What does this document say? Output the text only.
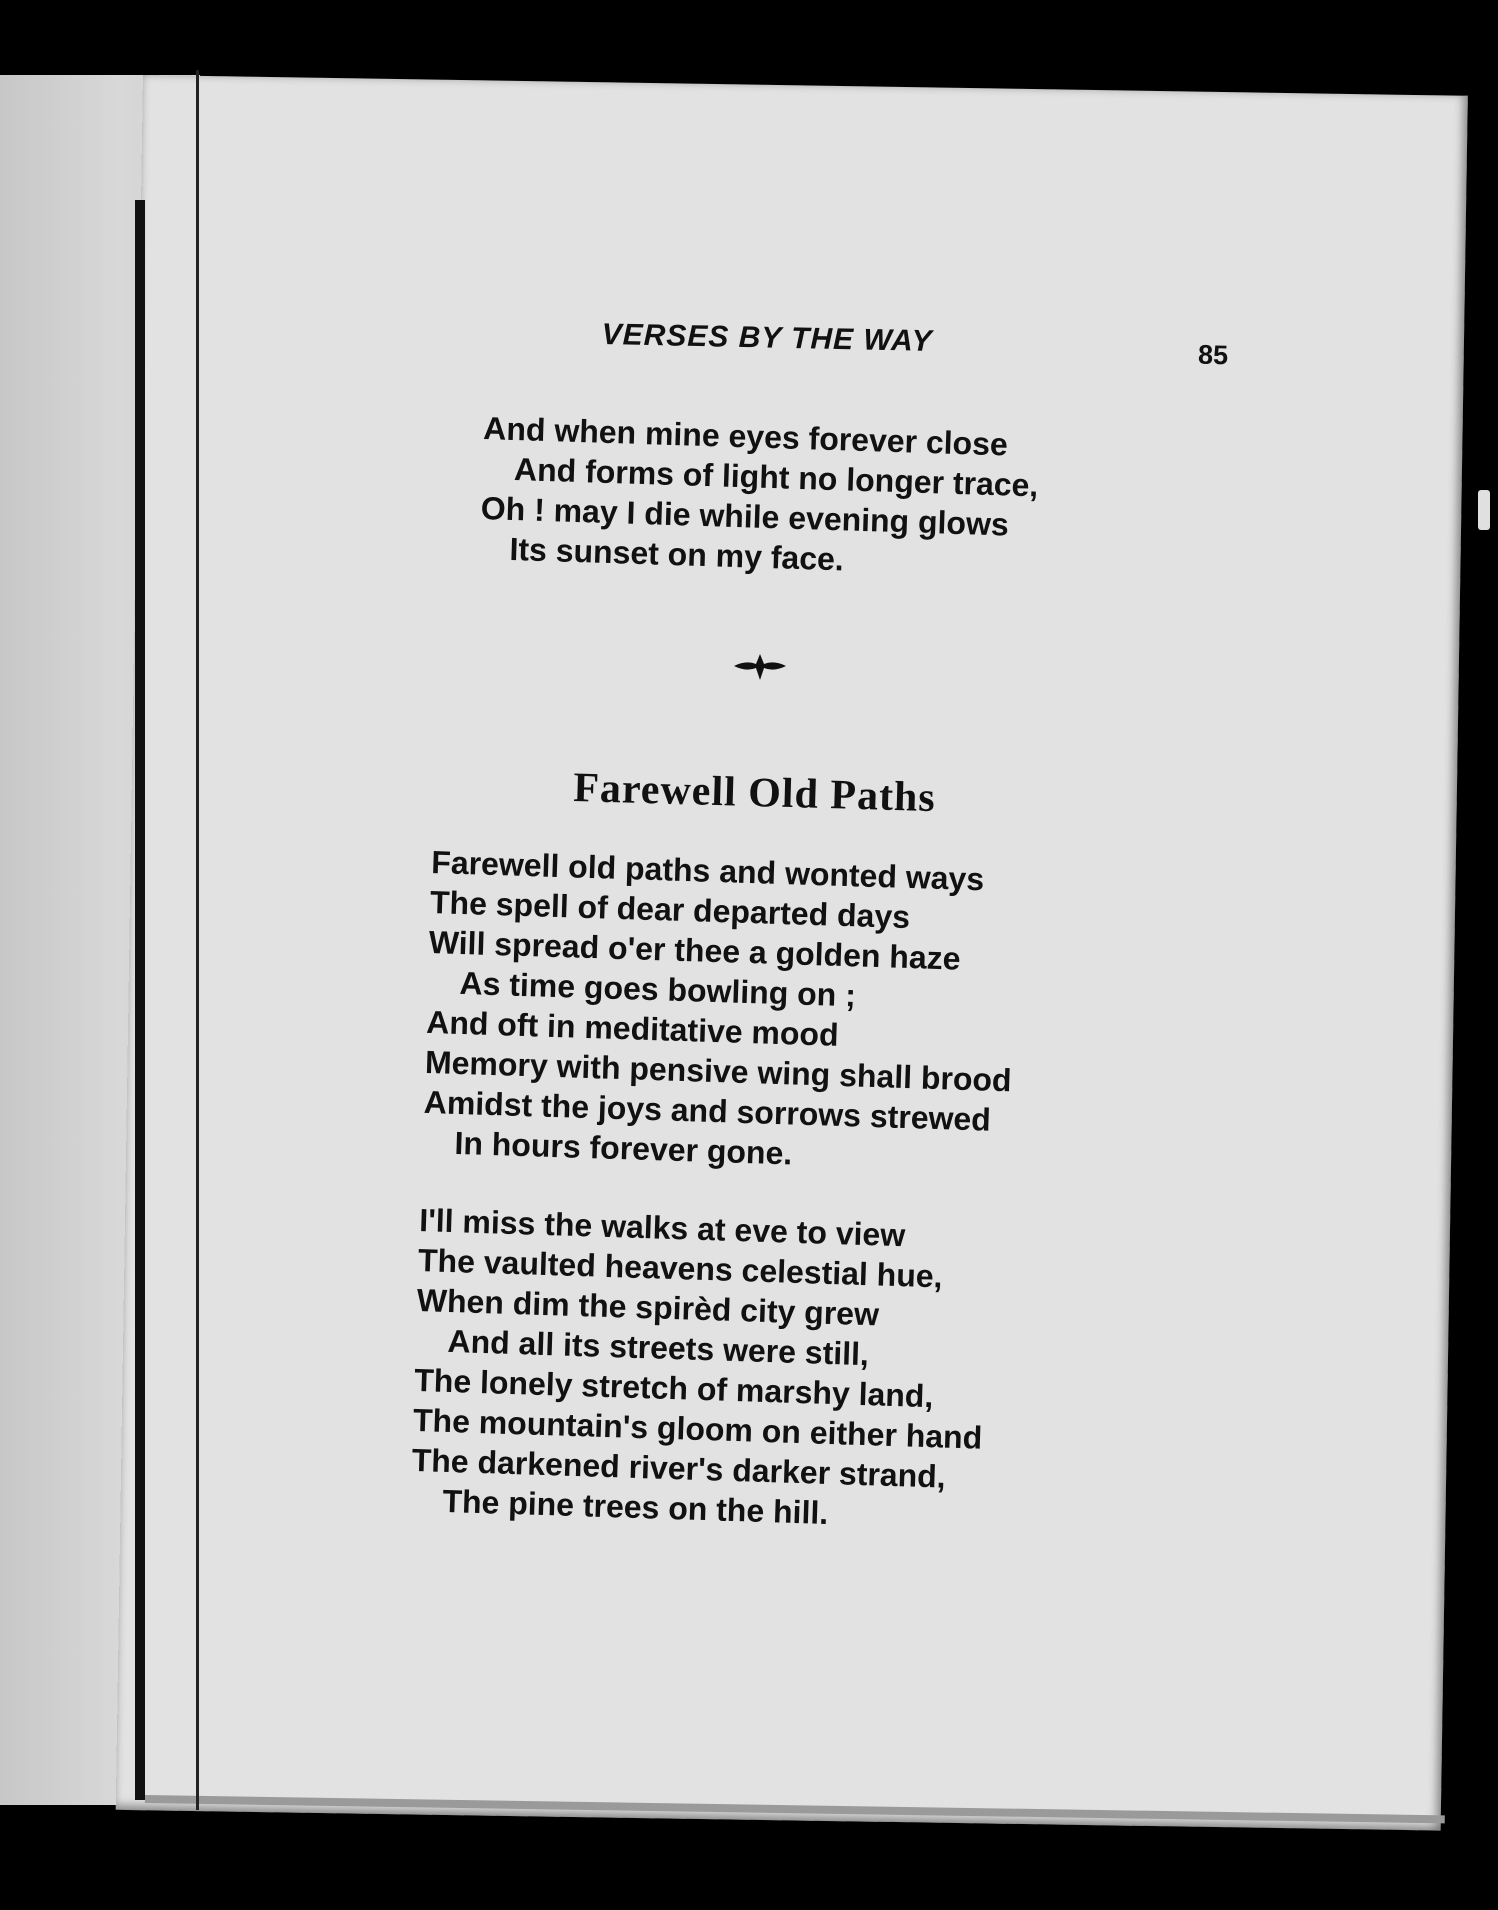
VERSES BY THE WAY	85
And when mine eyes forever close
And forms of light no longer trace,
Oh ! may I die while evening glows
Its sunset on my face.
Farewell Old Paths
Farewell old paths and wonted ways
The spell of dear departed days
Will spread o'er thee a golden haze
As time goes bowling on ;
And oft in meditative mood
Memory with pensive wing shall brood
Amidst the joys and sorrows strewed
In hours forever gone.
I'll miss the walks at eve to view
The vaulted heavens celestial hue,
When dim the spirèd city grew
And all its streets were still,
The lonely stretch of marshy land,
The mountain's gloom on either hand
The darkened river's darker strand,
The pine trees on the hill.
